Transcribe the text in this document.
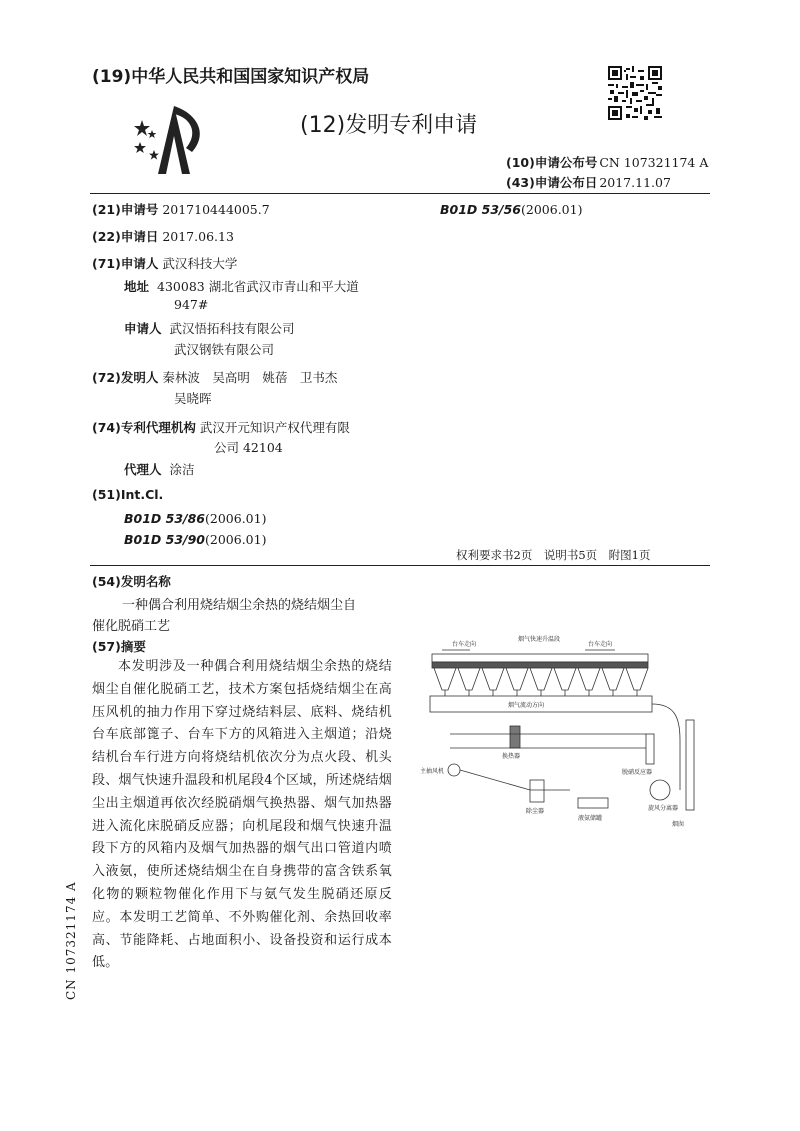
(19)中华人民共和国国家知识产权局
(12)发明专利申请
(10)申请公布号 CN 107321174 A
(43)申请公布日 2017.11.07
(21)申请号 201710444005.7	B01D 53/56(2006.01)
(22)申请日 2017.06.13
(71)申请人 武汉科技大学
地址 430083 湖北省武汉市青山和平大道
947#
申请人 武汉悟拓科技有限公司
武汉钢铁有限公司
(72)发明人 秦林波　吴高明　姚蓓　卫书杰
吴晓晖
(74)专利代理机构 武汉开元知识产权代理有限
公司 42104
代理人 涂洁
(51)Int.Cl.
B01D 53/86(2006.01)
B01D 53/90(2006.01)
权利要求书2页　说明书5页　附图1页
(54)发明名称
一种偶合利用烧结烟尘余热的烧结烟尘自
催化脱硝工艺
(57)摘要
本发明涉及一种偶合利用烧结烟尘余热的烧结烟尘自催化脱硝工艺，技术方案包括烧结烟尘在高压风机的抽力作用下穿过烧结料层、底料、烧结机台车底部篦子、台车下方的风箱进入主烟道；沿烧结机台车行进方向将烧结机依次分为点火段、机头段、烟气快速升温段和机尾段4个区域，所述烧结烟尘出主烟道再依次经脱硝烟气换热器、烟气加热器进入流化床脱硝反应器；向机尾段和烟气快速升温段下方的风箱内及烟气加热器的烟气出口管道内喷入液氨，使所述烧结烟尘在自身携带的富含铁系氧化物的颗粒物催化作用下与氨气发生脱硝还原反应。本发明工艺简单、不外购催化剂、余热回收率高、节能降耗、占地面积小、设备投资和运行成本低。
台车走向
烟气快速升温段
台车走向
烟气流动方向
换热器
脱硝反应器
主抽风机
除尘器	旋风分离器
烟囱
液氨储罐
CN 107321174 A
